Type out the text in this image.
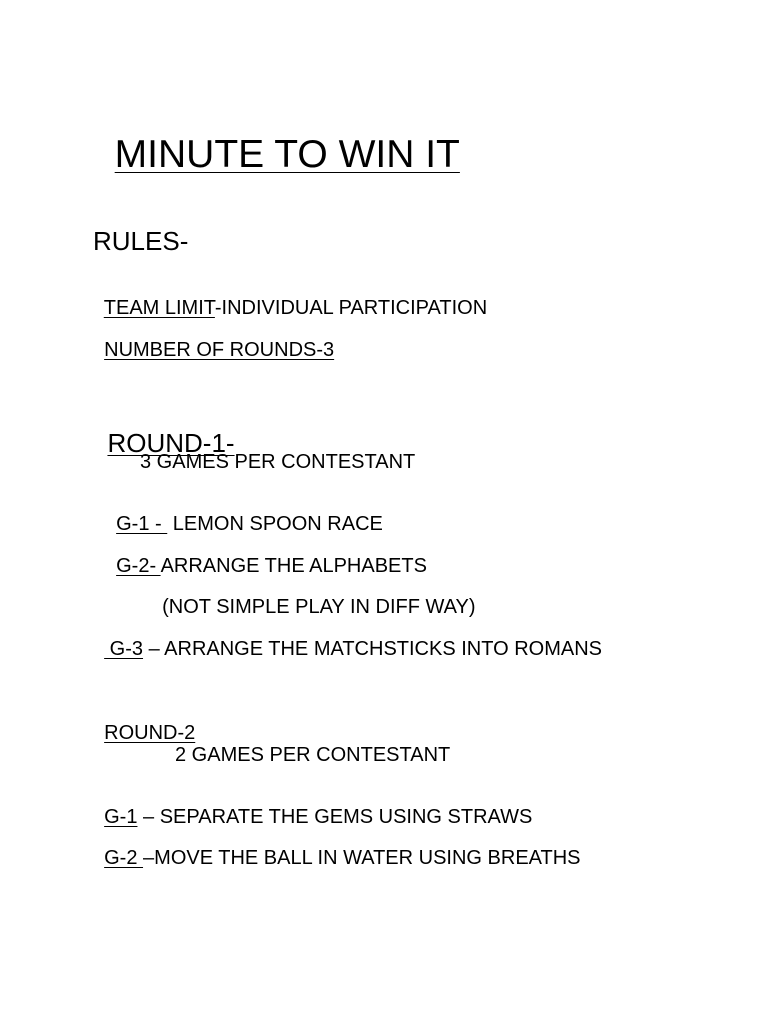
MINUTE TO WIN IT

RULES-

TEAM LIMIT-INDIVIDUAL PARTICIPATION

NUMBER OF ROUNDS-3

ROUND-1-

3 GAMES PER CONTESTANT

G-1 -  LEMON SPOON RACE

G-2- ARRANGE THE ALPHABETS

(NOT SIMPLE PLAY IN DIFF WAY)

G-3 – ARRANGE THE MATCHSTICKS INTO ROMANS

ROUND-2

2 GAMES PER CONTESTANT

G-1 – SEPARATE THE GEMS USING STRAWS

G-2 –MOVE THE BALL IN WATER USING BREATHS
